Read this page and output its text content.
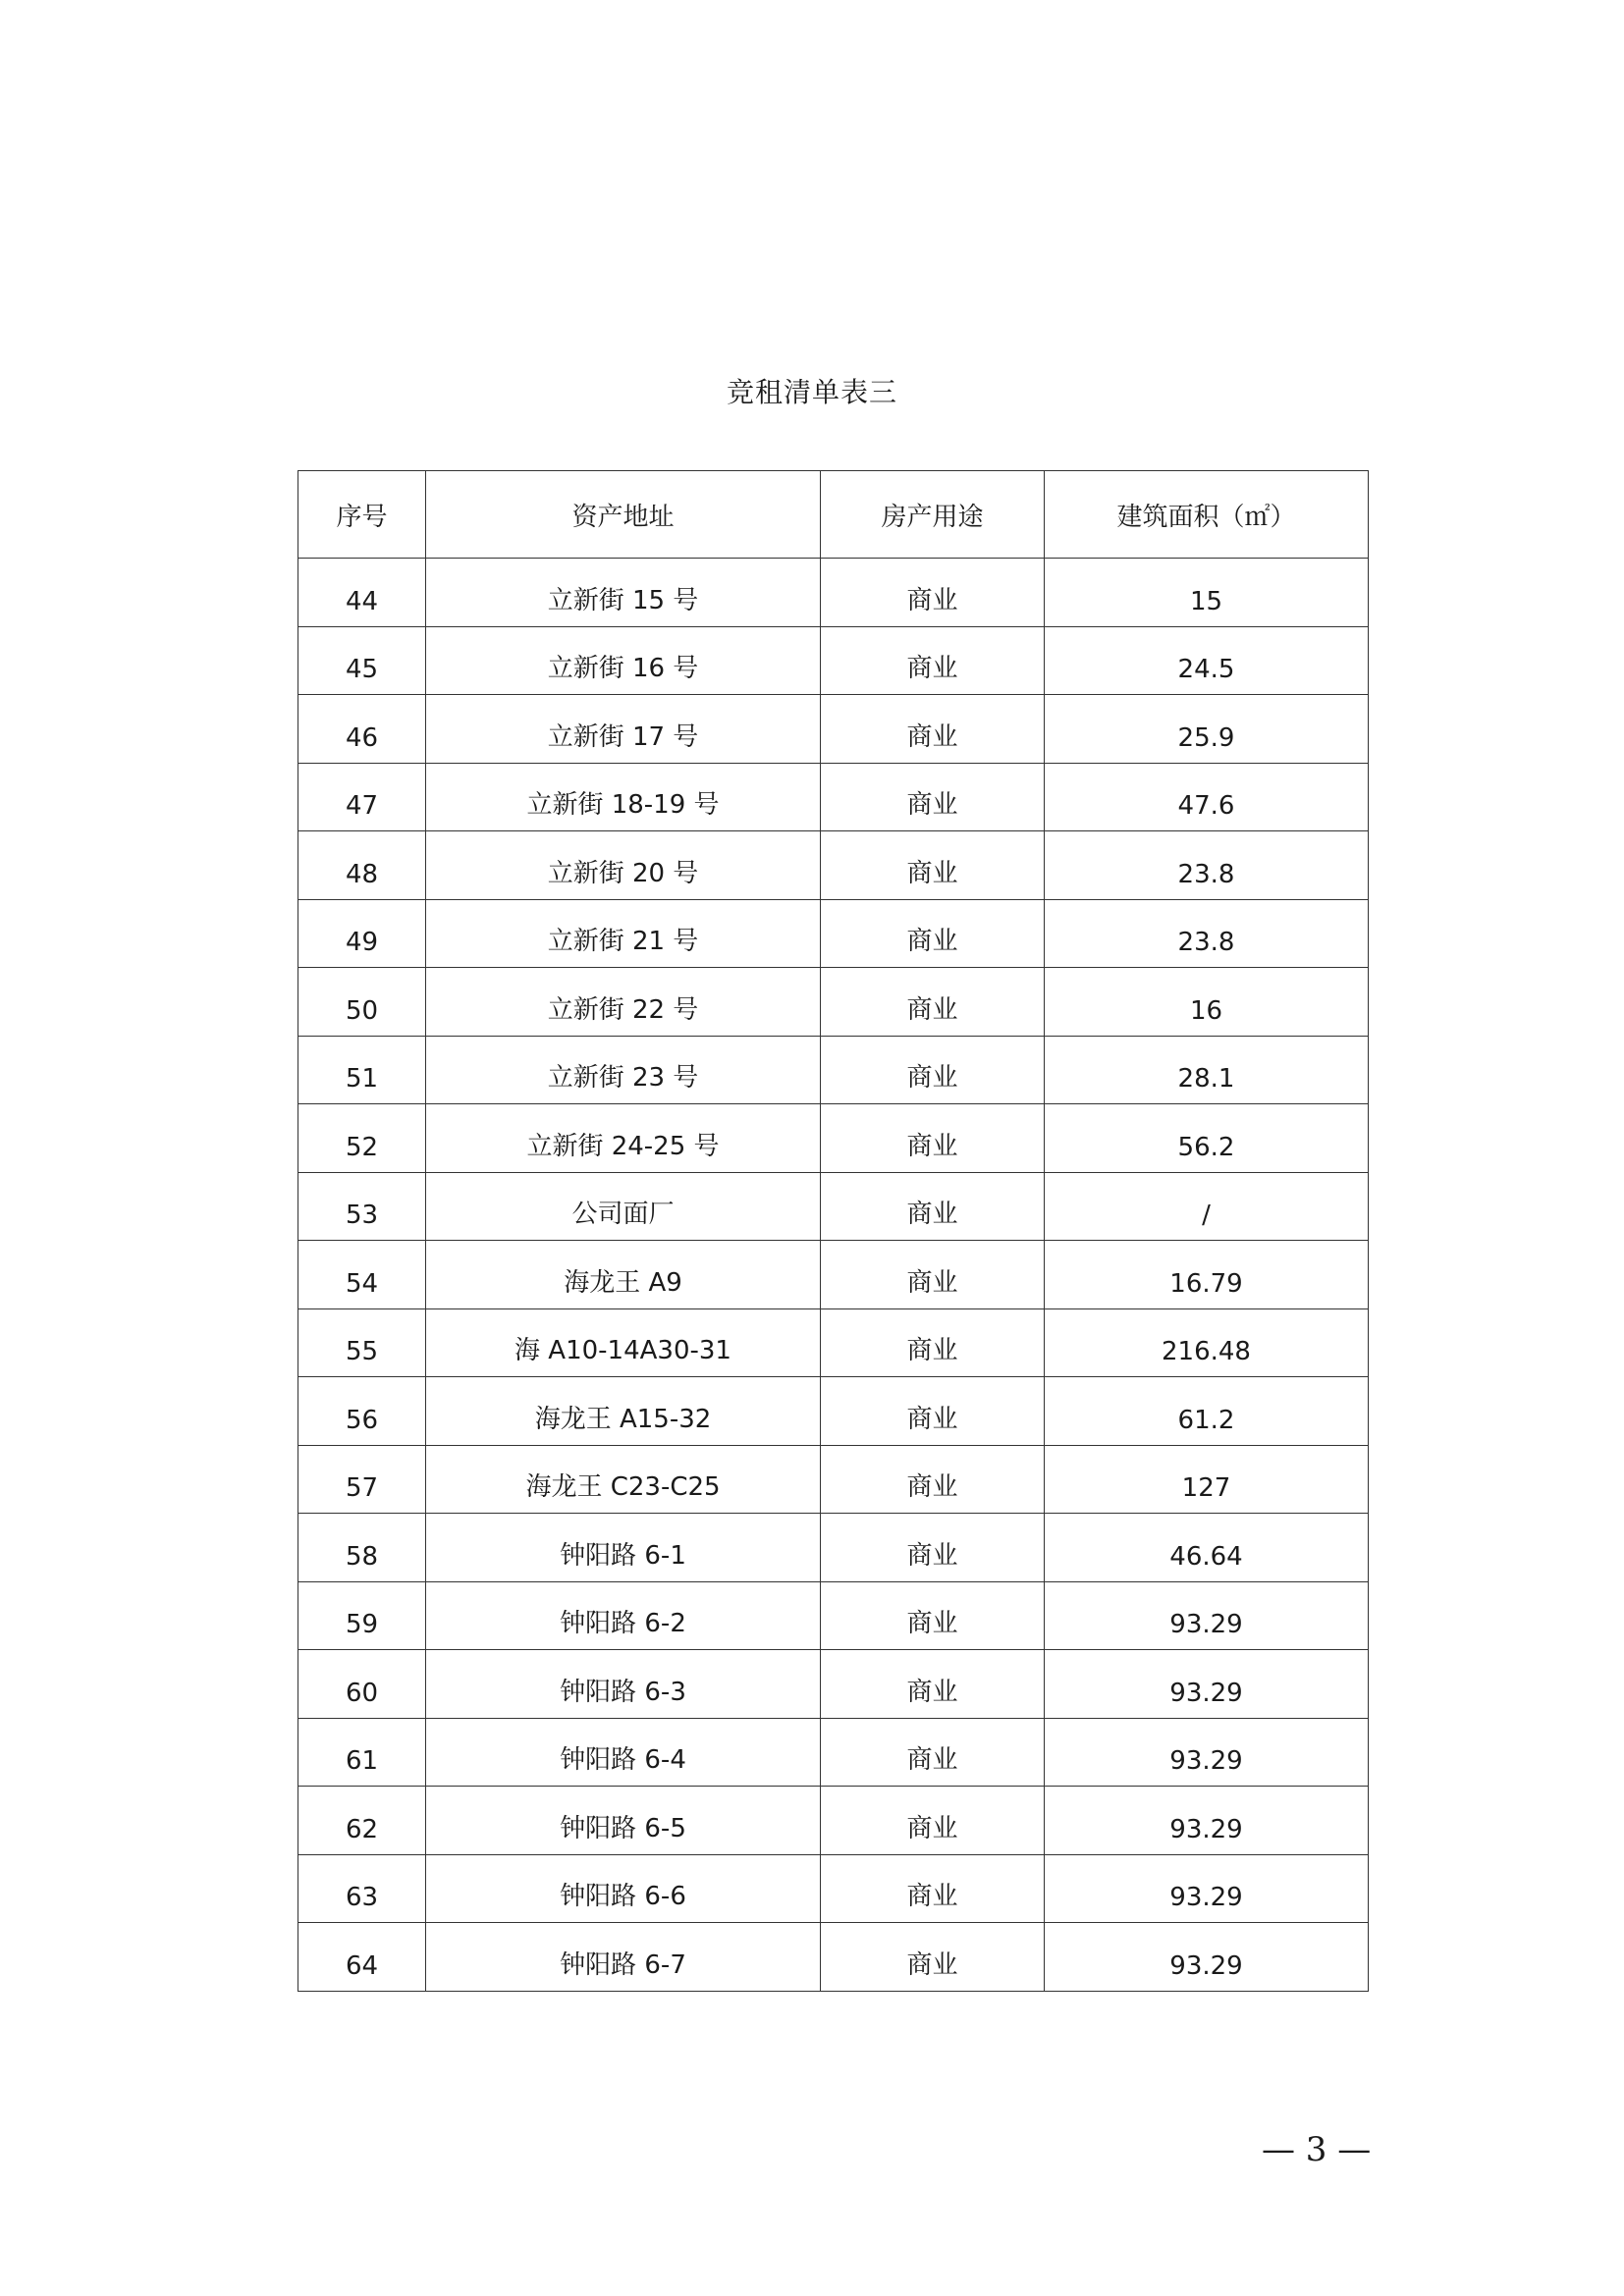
竞租清单表三
序号	资产地址	房产用途	建筑面积（㎡）
44	立新街 15 号	商业	15
45	立新街 16 号	商业	24.5
46	立新街 17 号	商业	25.9
47	立新街 18-19 号	商业	47.6
48	立新街 20 号	商业	23.8
49	立新街 21 号	商业	23.8
50	立新街 22 号	商业	16
51	立新街 23 号	商业	28.1
52	立新街 24-25 号	商业	56.2
53	公司面厂	商业	/
54	海龙王 A9	商业	16.79
55	海 A10-14A30-31	商业	216.48
56	海龙王 A15-32	商业	61.2
57	海龙王 C23-C25	商业	127
58	钟阳路 6-1	商业	46.64
59	钟阳路 6-2	商业	93.29
60	钟阳路 6-3	商业	93.29
61	钟阳路 6-4	商业	93.29
62	钟阳路 6-5	商业	93.29
63	钟阳路 6-6	商业	93.29
64	钟阳路 6-7	商业	93.29
— 3 —
